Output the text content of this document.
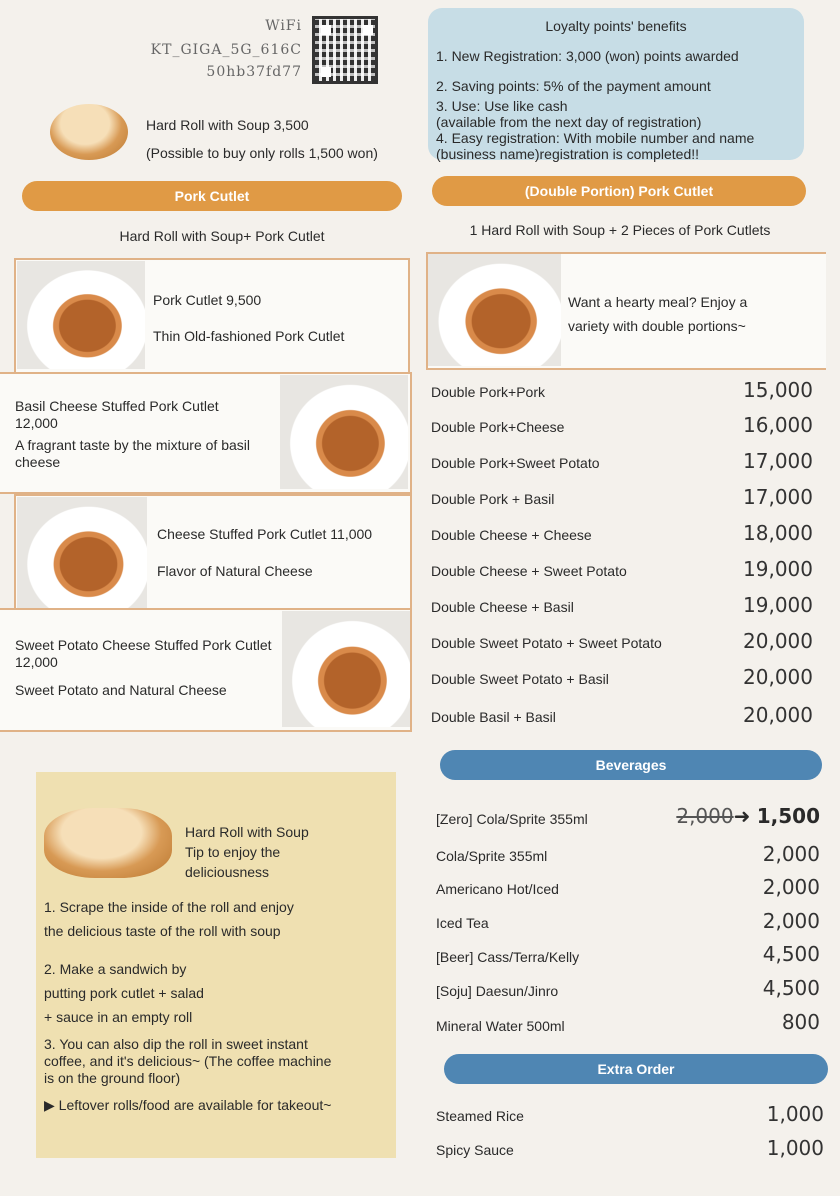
WiFi
KT_GIGA_5G_616C
50hb37fd77
Loyalty points' benefits
1. New Registration: 3,000 (won) points awarded
2. Saving points: 5% of the payment amount
3. Use: Use like cash
(available from the next day of registration)
4. Easy registration: With mobile number and name
(business name)registration is completed!!
Hard Roll with Soup 3,500
(Possible to buy only rolls 1,500 won)
Pork Cutlet
Hard Roll with Soup+ Pork Cutlet
(Double Portion) Pork Cutlet
1 Hard Roll with Soup + 2 Pieces of Pork Cutlets
Pork Cutlet 9,500
Thin Old-fashioned Pork Cutlet
Basil Cheese Stuffed Pork Cutlet 12,000
A fragrant taste by the mixture of basil cheese
Cheese Stuffed Pork Cutlet 11,000
Flavor of Natural Cheese
Sweet Potato Cheese Stuffed Pork Cutlet 12,000
Sweet Potato and Natural Cheese
Want a hearty meal? Enjoy a variety with double portions~
Double Pork+Pork	15,000
Double Pork+Cheese	16,000
Double Pork+Sweet Potato	17,000
Double Pork + Basil	17,000
Double Cheese + Cheese	18,000
Double Cheese + Sweet Potato	19,000
Double Cheese + Basil	19,000
Double Sweet Potato + Sweet Potato	20,000
Double Sweet Potato + Basil	20,000
Double Basil + Basil	20,000
Hard Roll with Soup Tip to enjoy the deliciousness
1. Scrape the inside of the roll and enjoy
the delicious taste of the roll with soup
2. Make a sandwich by
putting pork cutlet + salad
+ sauce in an empty roll
3. You can also dip the roll in sweet instant coffee, and it's delicious~ (The coffee machine is on the ground floor)
▶ Leftover rolls/food are available for takeout~
Beverages
[Zero] Cola/Sprite 355ml	2,000➜ 1,500
Cola/Sprite 355ml	2,000
Americano Hot/Iced	2,000
Iced Tea	2,000
[Beer] Cass/Terra/Kelly	4,500
[Soju] Daesun/Jinro	4,500
Mineral Water 500ml	800
Extra Order
Steamed Rice	1,000
Spicy Sauce	1,000
